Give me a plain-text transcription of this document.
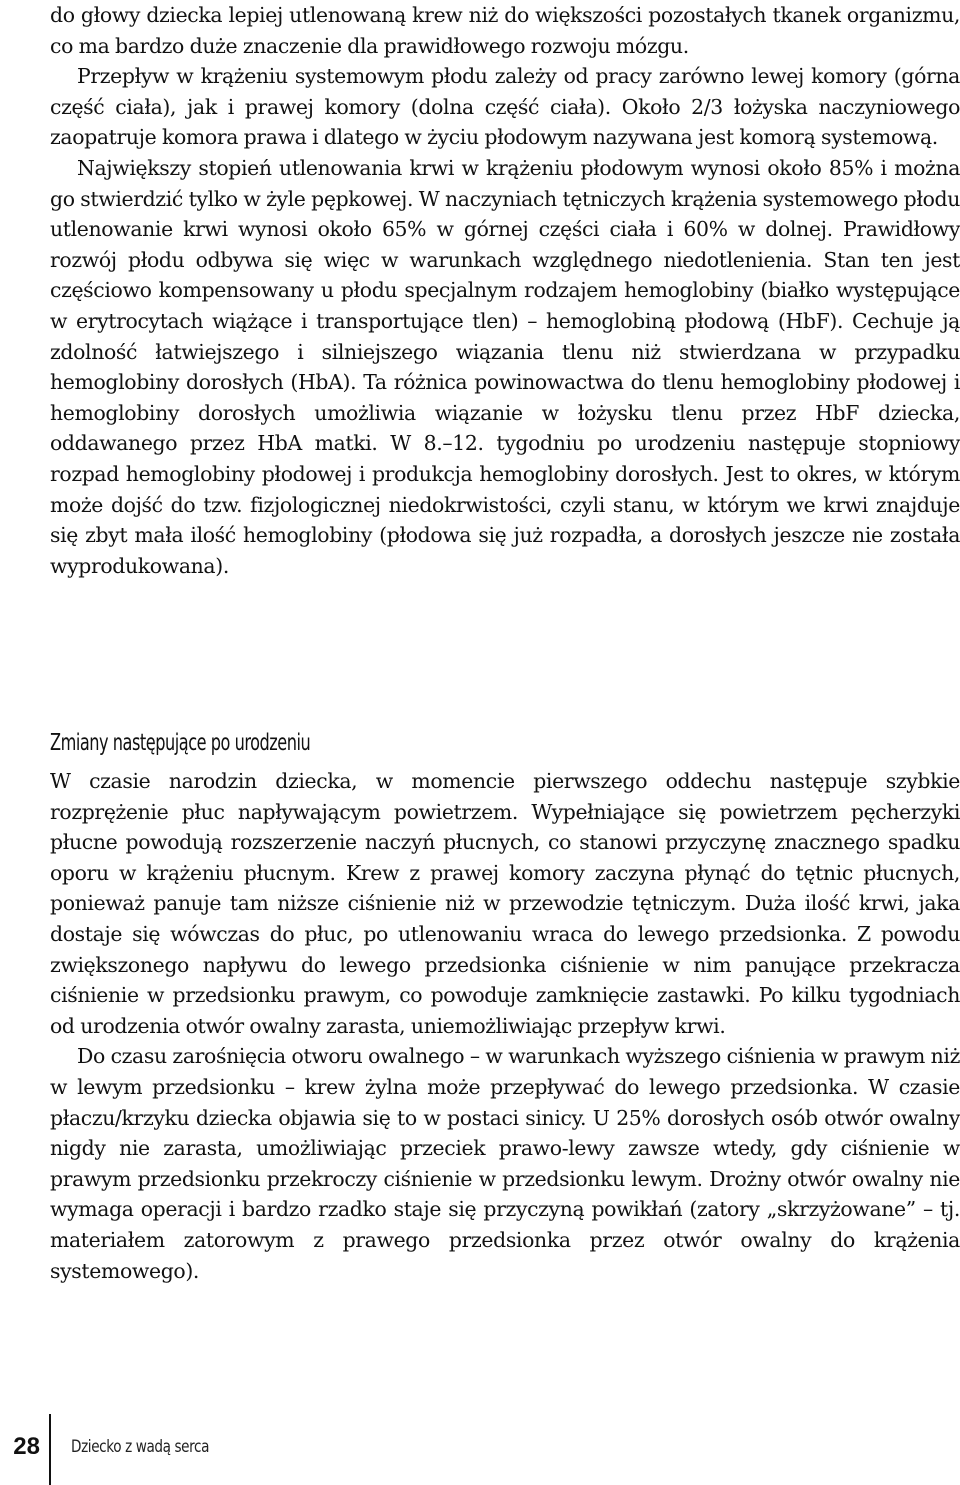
do głowy dziecka lepiej utlenowaną krew niż do większości pozostałych tkanek organizmu, co ma bardzo duże znaczenie dla prawidłowego rozwoju mózgu.

Przepływ w krążeniu systemowym płodu zależy od pracy zarówno lewej komory (górna część ciała), jak i prawej komory (dolna część ciała). Około 2/3 łożyska naczyniowego zaopatruje komora prawa i dlatego w życiu płodowym nazywana jest komorą systemową.

Największy stopień utlenowania krwi w krążeniu płodowym wynosi około 85% i można go stwierdzić tylko w żyle pępkowej. W naczyniach tętniczych krążenia systemowego płodu utlenowanie krwi wynosi około 65% w górnej części ciała i 60% w dolnej. Prawidłowy rozwój płodu odbywa się więc w warunkach względnego niedotlenienia. Stan ten jest częściowo kompensowany u płodu specjalnym rodzajem hemoglobiny (białko występujące w erytrocytach wiążące i transportujące tlen) – hemoglobiną płodową (HbF). Cechuje ją zdolność łatwiejszego i silniejszego wiązania tlenu niż stwierdzana w przypadku hemoglobiny dorosłych (HbA). Ta różnica powinowactwa do tlenu hemoglobiny płodowej i hemoglobiny dorosłych umożliwia wiązanie w łożysku tlenu przez HbF dziecka, oddawanego przez HbA matki. W 8.–12. tygodniu po urodzeniu następuje stopniowy rozpad hemoglobiny płodowej i produkcja hemoglobiny dorosłych. Jest to okres, w którym może dojść do tzw. fizjologicznej niedokrwistości, czyli stanu, w którym we krwi znajduje się zbyt mała ilość hemoglobiny (płodowa się już rozpadła, a dorosłych jeszcze nie została wyprodukowana).

Zmiany następujące po urodzeniu

W czasie narodzin dziecka, w momencie pierwszego oddechu następuje szybkie rozprężenie płuc napływającym powietrzem. Wypełniające się powietrzem pęcherzyki płucne powodują rozszerzenie naczyń płucnych, co stanowi przyczynę znacznego spadku oporu w krążeniu płucnym. Krew z prawej komory zaczyna płynąć do tętnic płucnych, ponieważ panuje tam niższe ciśnienie niż w przewodzie tętniczym. Duża ilość krwi, jaka dostaje się wówczas do płuc, po utlenowaniu wraca do lewego przedsionka. Z powodu zwiększonego napływu do lewego przedsionka ciśnienie w nim panujące przekracza ciśnienie w przedsionku prawym, co powoduje zamknięcie zastawki. Po kilku tygodniach od urodzenia otwór owalny zarasta, uniemożliwiając przepływ krwi.

Do czasu zarośnięcia otworu owalnego – w warunkach wyższego ciśnienia w prawym niż w lewym przedsionku – krew żylna może przepływać do lewego przedsionka. W czasie płaczu/krzyku dziecka objawia się to w postaci sinicy. U 25% dorosłych osób otwór owalny nigdy nie zarasta, umożliwiając przeciek prawo-lewy zawsze wtedy, gdy ciśnienie w prawym przedsionku przekroczy ciśnienie w przedsionku lewym. Drożny otwór owalny nie wymaga operacji i bardzo rzadko staje się przyczyną powikłań (zatory „skrzyżowane” – tj. materiałem zatorowym z prawego przedsionka przez otwór owalny do krążenia systemowego).

28 Dziecko z wadą serca
